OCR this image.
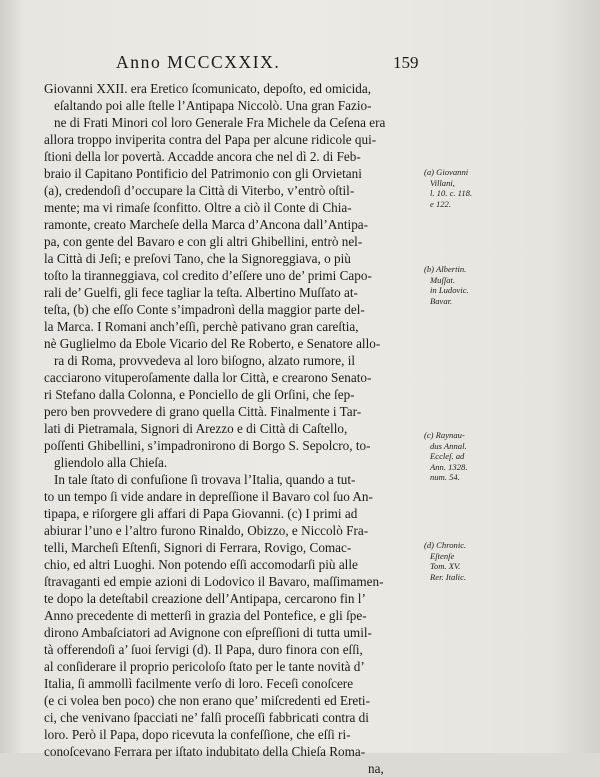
Anno MCCCXXIX.	159
Giovanni XXII. era Eretico ſcomunicato, depoſto, ed omicida,
eſaltando poi alle ſtelle l’Antipapa Niccolò. Una gran Fazio-
ne di Frati Minori col loro Generale Fra Michele da Ceſena era
allora troppo inviperita contra del Papa per alcune ridicole qui-
ſtioni della lor povertà. Accadde ancora che nel dì 2. di Feb-
braio il Capitano Pontificio del Patrimonio con gli Orvietani
(a), credendoſi d’occupare la Città di Viterbo, v’entrò oſtil-
mente; ma vi rimaſe ſconfitto. Oltre a ciò il Conte di Chia-
ramonte, creato Marcheſe della Marca d’Ancona dall’Antipa-
pa, con gente del Bavaro e con gli altri Ghibellini, entrò nel-
la Città di Jeſi; e preſovi Tano, che la Signoreggiava, o più
toſto la tiranneggiava, col credito d’eſſere uno de’ primi Capo-
rali de’ Guelfi, gli fece tagliar la teſta. Albertino Muſſato at-
teſta, (b) che eſſo Conte s’impadronì della maggior parte del-
la Marca. I Romani anch’eſſi, perchè pativano gran careſtia,
nè Guglielmo da Ebole Vicario del Re Roberto, e Senatore allo-
ra di Roma, provvedeva al loro biſogno, alzato rumore, il
cacciarono vituperoſamente dalla lor Città, e crearono Senato-
ri Stefano dalla Colonna, e Ponciello de gli Orſini, che ſep-
pero ben provvedere di grano quella Città. Finalmente i Tar-
lati di Pietramala, Signori di Arezzo e di Città di Caſtello,
poſſenti Ghibellini, s’impadronirono di Borgo S. Sepolcro, to-
gliendolo alla Chieſa.
In tale ſtato di confuſione ſi trovava l’Italia, quando a tut-
to un tempo ſi vide andare in depreſſione il Bavaro col ſuo An-
tipapa, e riſorgere gli affari di Papa Giovanni. (c) I primi ad
abiurar l’uno e l’altro furono Rinaldo, Obizzo, e Niccolò Fra-
telli, Marcheſi Eſtenſi, Signori di Ferrara, Rovigo, Comac-
chio, ed altri Luoghi. Non potendo eſſi accomodarſi più alle
ſtravaganti ed empie azioni di Lodovico il Bavaro, maſſimamen-
te dopo la deteſtabil creazione dell’Antipapa, cercarono fin l’
Anno precedente di metterſi in grazia del Pontefice, e gli ſpe-
dirono Ambaſciatori ad Avignone con eſpreſſioni di tutta umil-
tà offerendoſi a’ ſuoi ſervigi (d). Il Papa, duro finora con eſſi,
al conſiderare il proprio pericoloſo ſtato per le tante novità d’
Italia, ſi ammollì facilmente verſo di loro. Feceſi conoſcere
(e ci volea ben poco) che non erano que’ miſcredenti ed Ereti-
ci, che venivano ſpacciati ne’ falſi proceſſi fabbricati contra di
loro. Però il Papa, dopo ricevuta la confeſſione, che eſſi ri-
conoſcevano Ferrara per iſtato indubitato della Chieſa Roma-
na,
(a) Giovanni
Villani,
l. 10. c. 118.
e 122.
(b) Albertin.
Muſſat.
in Ludovic.
Bavar.
(c) Raynau-
dus Annal.
Eccleſ. ad
Ann. 1328.
num. 54.
(d) Chronic.
Eſtenſe
Tom. XV.
Rer. Italic.
